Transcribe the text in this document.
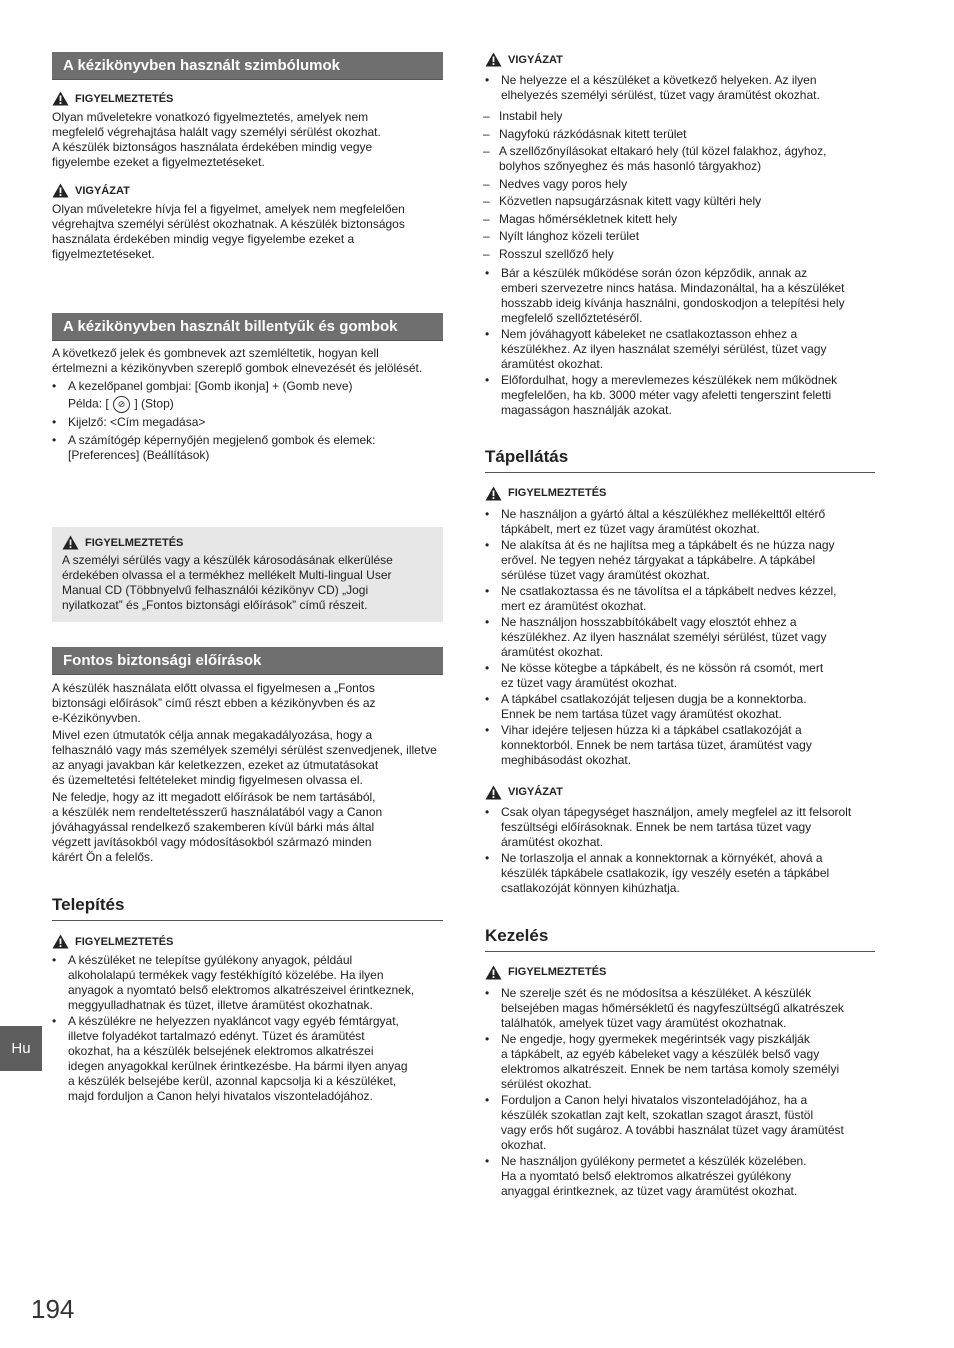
Hu
194
A kézikönyvben használt szimbólumok
FIGYELMEZTETÉS

Olyan műveletekre vonatkozó figyelmeztetés, amelyek nem

megfelelő végrehajtása halált vagy személyi sérülést okozhat.

A készülék biztonságos használata érdekében mindig vegye

figyelembe ezeket a figyelmeztetéseket.

VIGYÁZAT

Olyan műveletekre hívja fel a figyelmet, amelyek nem megfelelően

végrehajtva személyi sérülést okozhatnak. A készülék biztonságos

használata érdekében mindig vegye figyelembe ezeket a

figyelmeztetéseket.

A kézikönyvben használt billentyűk és gombok

A következő jelek és gombnevek azt szemléltetik, hogyan kell

értelmezni a kézikönyvben szereplő gombok elnevezését és jelölését.

• A kezelőpanel gombjai: [Gomb ikonja] + (Gomb neve)
Példa: [ ⊘ ] (Stop)
• Kijelző: <Cím megadása>
• A számítógép képernyőjén megjelenő gombok és elemek:

[Preferences] (Beállítások)

FIGYELMEZTETÉS

A személyi sérülés vagy a készülék károsodásának elkerülése

érdekében olvassa el a termékhez mellékelt Multi-lingual User

Manual CD (Többnyelvű felhasználói kézikönyv CD) „Jogi

nyilatkozat” és „Fontos biztonsági előírások” című részeit.

Fontos biztonsági előírások

A készülék használata előtt olvassa el figyelmesen a „Fontos

biztonsági előírások” című részt ebben a kézikönyvben és az

e-Kézikönyvben.

Mivel ezen útmutatók célja annak megakadályozása, hogy a

felhasználó vagy más személyek személyi sérülést szenvedjenek, illetve

az anyagi javakban kár keletkezzen, ezeket az útmutatásokat

és üzemeltetési feltételeket mindig figyelmesen olvassa el.

Ne feledje, hogy az itt megadott előírások be nem tartásából,

a készülék nem rendeltetésszerű használatából vagy a Canon

jóváhagyással rendelkező szakemberen kívül bárki más által

végzett javításokból vagy módosításokból származó minden

kárért Ön a felelős.

Telepítés
FIGYELMEZTETÉS

• A készüléket ne telepítse gyúlékony anyagok, például

alkoholalapú termékek vagy festékhígító közelébe. Ha ilyen

anyagok a nyomtató belső elektromos alkatrészeivel érintkeznek,

meggyulladhatnak és tüzet, illetve áramütést okozhatnak.

• A készülékre ne helyezzen nyakláncot vagy egyéb fémtárgyat,

illetve folyadékot tartalmazó edényt. Tüzet és áramütést

okozhat, ha a készülék belsejének elektromos alkatrészei

idegen anyagokkal kerülnek érintkezésbe. Ha bármi ilyen anyag

a készülék belsejébe kerül, azonnal kapcsolja ki a készüléket,

majd forduljon a Canon helyi hivatalos viszonteladójához.

VIGYÁZAT

• Ne helyezze el a készüléket a következő helyeken. Az ilyen

elhelyezés személyi sérülést, tüzet vagy áramütést okozhat.

– Instabil hely

– Nagyfokú rázkódásnak kitett terület

– A szellőzőnyílásokat eltakaró hely (túl közel falakhoz, ágyhoz,

bolyhos szőnyeghez és más hasonló tárgyakhoz)

– Nedves vagy poros hely

– Közvetlen napsugárzásnak kitett vagy kültéri hely

– Magas hőmérsékletnek kitett hely

– Nyílt lánghoz közeli terület

– Rosszul szellőző hely

• Bár a készülék működése során ózon képződik, annak az

emberi szervezetre nincs hatása. Mindazonáltal, ha a készüléket

hosszabb ideig kívánja használni, gondoskodjon a telepítési hely

megfelelő szellőztetéséről.

• Nem jóváhagyott kábeleket ne csatlakoztasson ehhez a

készülékhez. Az ilyen használat személyi sérülést, tüzet vagy

áramütést okozhat.

• Előfordulhat, hogy a merevlemezes készülékek nem működnek

megfelelően, ha kb. 3000 méter vagy afeletti tengerszint feletti

magasságon használják azokat.

Tápellátás
FIGYELMEZTETÉS

• Ne használjon a gyártó által a készülékhez mellékelttől eltérő

tápkábelt, mert ez tüzet vagy áramütést okozhat.

• Ne alakítsa át és ne hajlítsa meg a tápkábelt és ne húzza nagy

erővel. Ne tegyen nehéz tárgyakat a tápkábelre. A tápkábel

sérülése tüzet vagy áramütést okozhat.

• Ne csatlakoztassa és ne távolítsa el a tápkábelt nedves kézzel,

mert ez áramütést okozhat.

• Ne használjon hosszabbítókábelt vagy elosztót ehhez a

készülékhez. Az ilyen használat személyi sérülést, tüzet vagy

áramütést okozhat.

• Ne kösse kötegbe a tápkábelt, és ne kössön rá csomót, mert

ez tüzet vagy áramütést okozhat.

• A tápkábel csatlakozóját teljesen dugja be a konnektorba.

Ennek be nem tartása tüzet vagy áramütést okozhat.

• Vihar idejére teljesen húzza ki a tápkábel csatlakozóját a

konnektorból. Ennek be nem tartása tüzet, áramütést vagy

meghibásodást okozhat.

VIGYÁZAT

• Csak olyan tápegységet használjon, amely megfelel az itt felsorolt

feszültségi előírásoknak. Ennek be nem tartása tüzet vagy

áramütést okozhat.

• Ne torlaszolja el annak a konnektornak a környékét, ahová a

készülék tápkábele csatlakozik, így veszély esetén a tápkábel

csatlakozóját könnyen kihúzhatja.

Kezelés
FIGYELMEZTETÉS

• Ne szerelje szét és ne módosítsa a készüléket. A készülék

belsejében magas hőmérsékletű és nagyfeszültségű alkatrészek

találhatók, amelyek tüzet vagy áramütést okozhatnak.

• Ne engedje, hogy gyermekek megérintsék vagy piszkálják

a tápkábelt, az egyéb kábeleket vagy a készülék belső vagy

elektromos alkatrészeit. Ennek be nem tartása komoly személyi

sérülést okozhat.

• Forduljon a Canon helyi hivatalos viszonteladójához, ha a

készülék szokatlan zajt kelt, szokatlan szagot áraszt, füstöl

vagy erős hőt sugároz. A további használat tüzet vagy áramütést

okozhat.

• Ne használjon gyúlékony permetet a készülék közelében.

Ha a nyomtató belső elektromos alkatrészei gyúlékony

anyaggal érintkeznek, az tüzet vagy áramütést okozhat.
